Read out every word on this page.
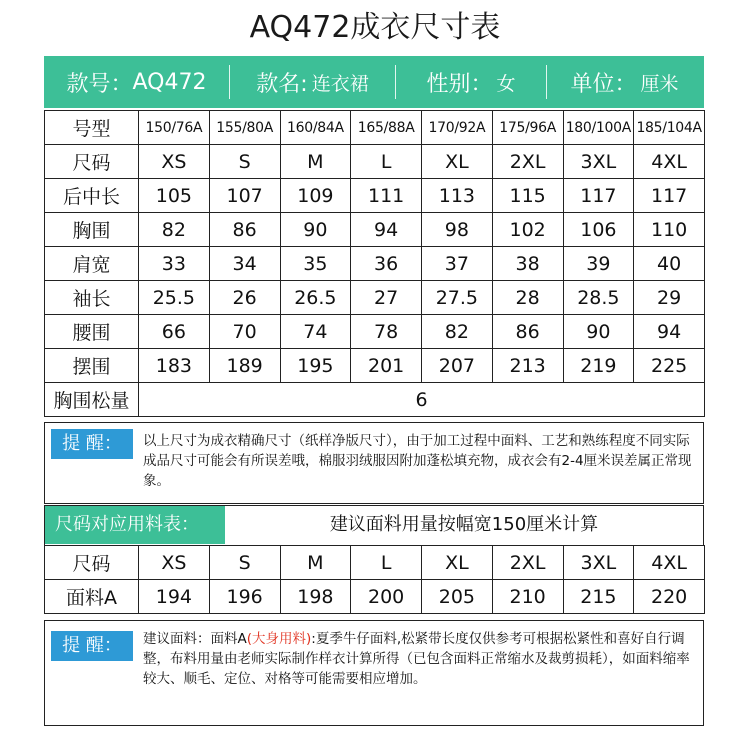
AQ472成衣尺寸表
款号： AQ472 款名: 连衣裙	性别： 女 单位： 厘米
号型	150/76A	155/80A	160/84A	165/88A	170/92A	175/96A	180/100A	185/104A
尺码	XS	S	M	L	XL	2XL	3XL	4XL
后中长	105	107	109	111	113	115	117	117
胸围	82	86	90	94	98	102	106	110
肩宽	33	34	35	36	37	38	39	40
袖长	25.5	26	26.5	27	27.5	28	28.5	29
腰围	66	70	74	78	82	86	90	94
摆围	183	189	195	201	207	213	219	225
胸围松量	6							
提 醒：	以上尺寸为成衣精确尺寸（纸样净版尺寸），由于加工过程中面料、工艺和熟练程度不同实际成品尺寸可能会有所误差哦，棉服羽绒服因附加蓬松填充物，成衣会有2-4厘米误差属正常现象。
尺码对应用料表：	建议面料用量按幅宽150厘米计算
尺码	XS	S	M	L	XL	2XL	3XL	4XL
面料A	194	196	198	200	205	210	215	220
提 醒：	建议面料：面料A(大身用料):夏季牛仔面料,松紧带长度仅供参考可根据松紧性和喜好自行调整，布料用量由老师实际制作样衣计算所得（已包含面料正常缩水及裁剪损耗），如面料缩率较大、顺毛、定位、对格等可能需要相应增加。
